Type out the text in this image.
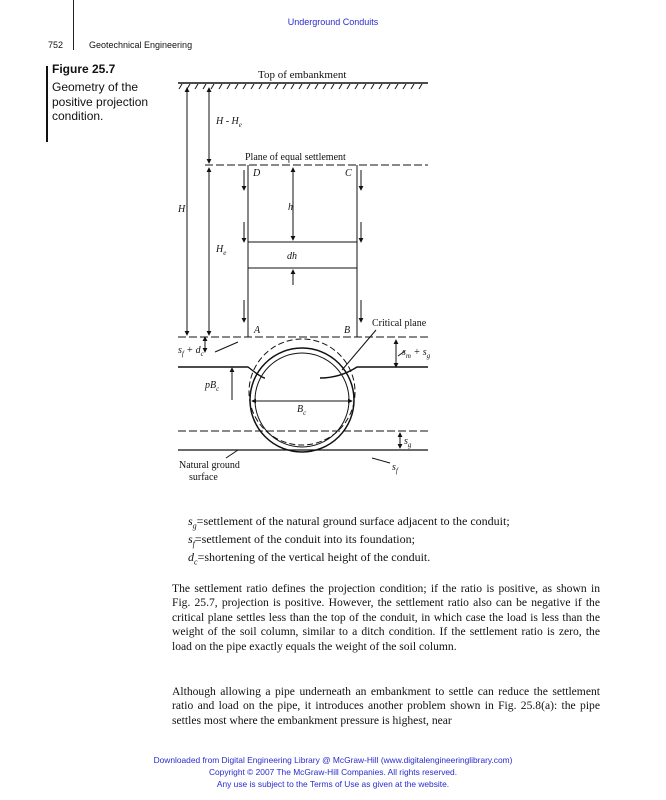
Underground Conduits
752	Geotechnical Engineering
Figure 25.7
Geometry of the positive projection condition.
Top of embankment
H - $H_e$
Plane of equal settlement
D	C
H	h
$H_e$	dh
A	B
Critical plane
$s_f + d_c$	$s_m + s_g$
$pB_c$
$B_c$
$s_g$
$s_f$
Natural ground
surface
$s_g=settlement$ of the natural ground surface adjacent to the conduit;
$s_f=settlement$ of the conduit into its foundation;
$d_c=shortening$ of the vertical height of the conduit.

The settlement ratio defines the projection condition; if the ratio is positive, as shown in Fig. 25.7, projection is positive. However, the settlement ratio also can be negative if the critical plane settles less than the top of the conduit, in which case the load is less than the weight of the soil column, similar to a ditch condition. If the settlement ratio is zero, the load on the pipe exactly equals the weight of the soil column.

Although allowing a pipe underneath an embankment to settle can reduce the settlement ratio and load on the pipe, it introduces another problem shown in Fig. 25.8(a): the pipe settles most where the embankment pressure is highest, near

Downloaded from Digital Engineering Library @ McGraw-Hill (www.digitalengineeringlibrary.com)
Copyright © 2007 The McGraw-Hill Companies. All rights reserved.
Any use is subject to the Terms of Use as given at the website.
